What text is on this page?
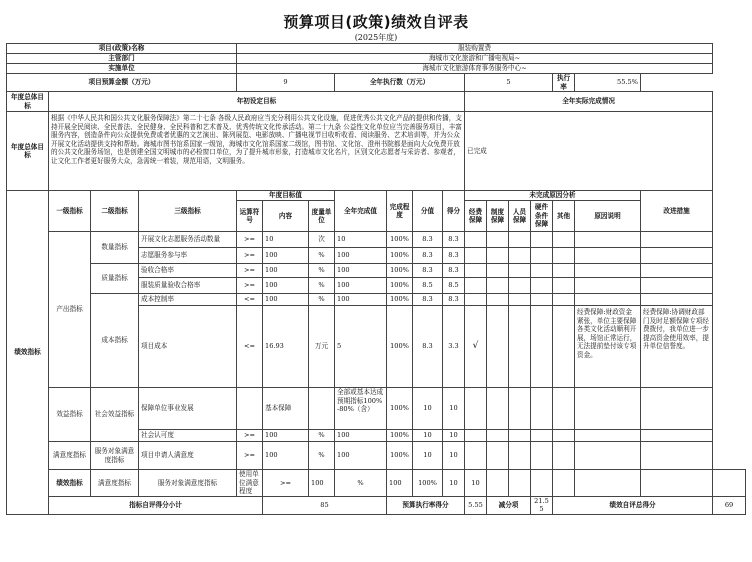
预算项目(政策)绩效自评表
(2025年度)
项目(政策)名称				服装购置费														
主管部门				海城市文化旅游和广播电视局~														
实施单位				海城市文化旅游体育事务服务中心~														
项目预算金额（万元）				9			全年执行数（万元）				5				执行率	55.5%		
年度总体目标	年初设定目标										全年实际完成情况							
年度总体目标	根据《中华人民共和国公共文化服务保障法》第二十七条 各级人民政府应当充分利用公共文化设施，促进优秀公共文化产品的提供和传播，支持开展全民阅读、全民普法、全民健身、全民科普和艺术普及、优秀传统文化传承活动。第二十九条 公益性文化单位应当完善服务项目，丰富服务内容，创造条件向公众提供免费或者优惠的文艺演出、陈列展览、电影放映、广播电视节目收听收看、阅读服务、艺术培训等，并为公众开展文化活动提供支持和帮助。海城市图书馆系国家一级馆，海城市文化馆系国家二级馆，图书馆、文化馆、澄州书院都是面向大众免费开放的公共文化服务场馆，也是创建全国文明城市的必检窗口单位，为了提升城市形象，打造城市文化名片，区别文化志愿者与采访者、参观者，让文化工作者更好服务大众，急需统一着装，规范用语，文明服务。										已完成							
绩效指标	一级指标	二级指标	三级指标	年度目标值			全年完成值	完成程度	分值	得分	未完成原因分析						改进措施	
				运算符号	内容	度量单位					经费保障	制度保障	人员保障	硬件条件保障	其他	原因说明		
	产出指标	数量指标	开展文化志愿服务活动数量	>=	10	次	10	100%	8.3	8.3								
			志愿服务参与率	>=	100	%	100	100%	8.3	8.3								
		质量指标	验收合格率	>=	100	%	100	100%	8.3	8.3								
			服装质量验收合格率	>=	100	%	100	100%	8.5	8.5								
		成本指标	成本控制率	<=	100	%	100	100%	8.3	8.3								
			项目成本	<=	16.93	万元	5	100%	8.3	3.3	√					经费保障:财政资金紧张，单位主要保障各类文化活动顺利开展，场馆正常运行，无法提前垫付该专项资金。	经费保障:协调财政部门及时足额保障专项经费拨付，我单位进一步提高资金使用效率，提升单位信誉度。	
	效益指标	社会效益指标	保障单位事业发展		基本保障		全部或基本达成预期指标100%-80%（含）	100%	10	10								
			社会认可度	>=	100	%	100	100%	10	10								
	满意度指标	服务对象满意度指标	项目申请人满意度	>=	100	%	100	100%	10	10								
	绩效指标	满意度指标	服务对象满意度指标	使用单位满意程度	>=	100	%	100	100%	10	10							
	指标自评得分小计				85			预算执行率得分			5.55	减分项		21.55	绩效自评总得分			69
